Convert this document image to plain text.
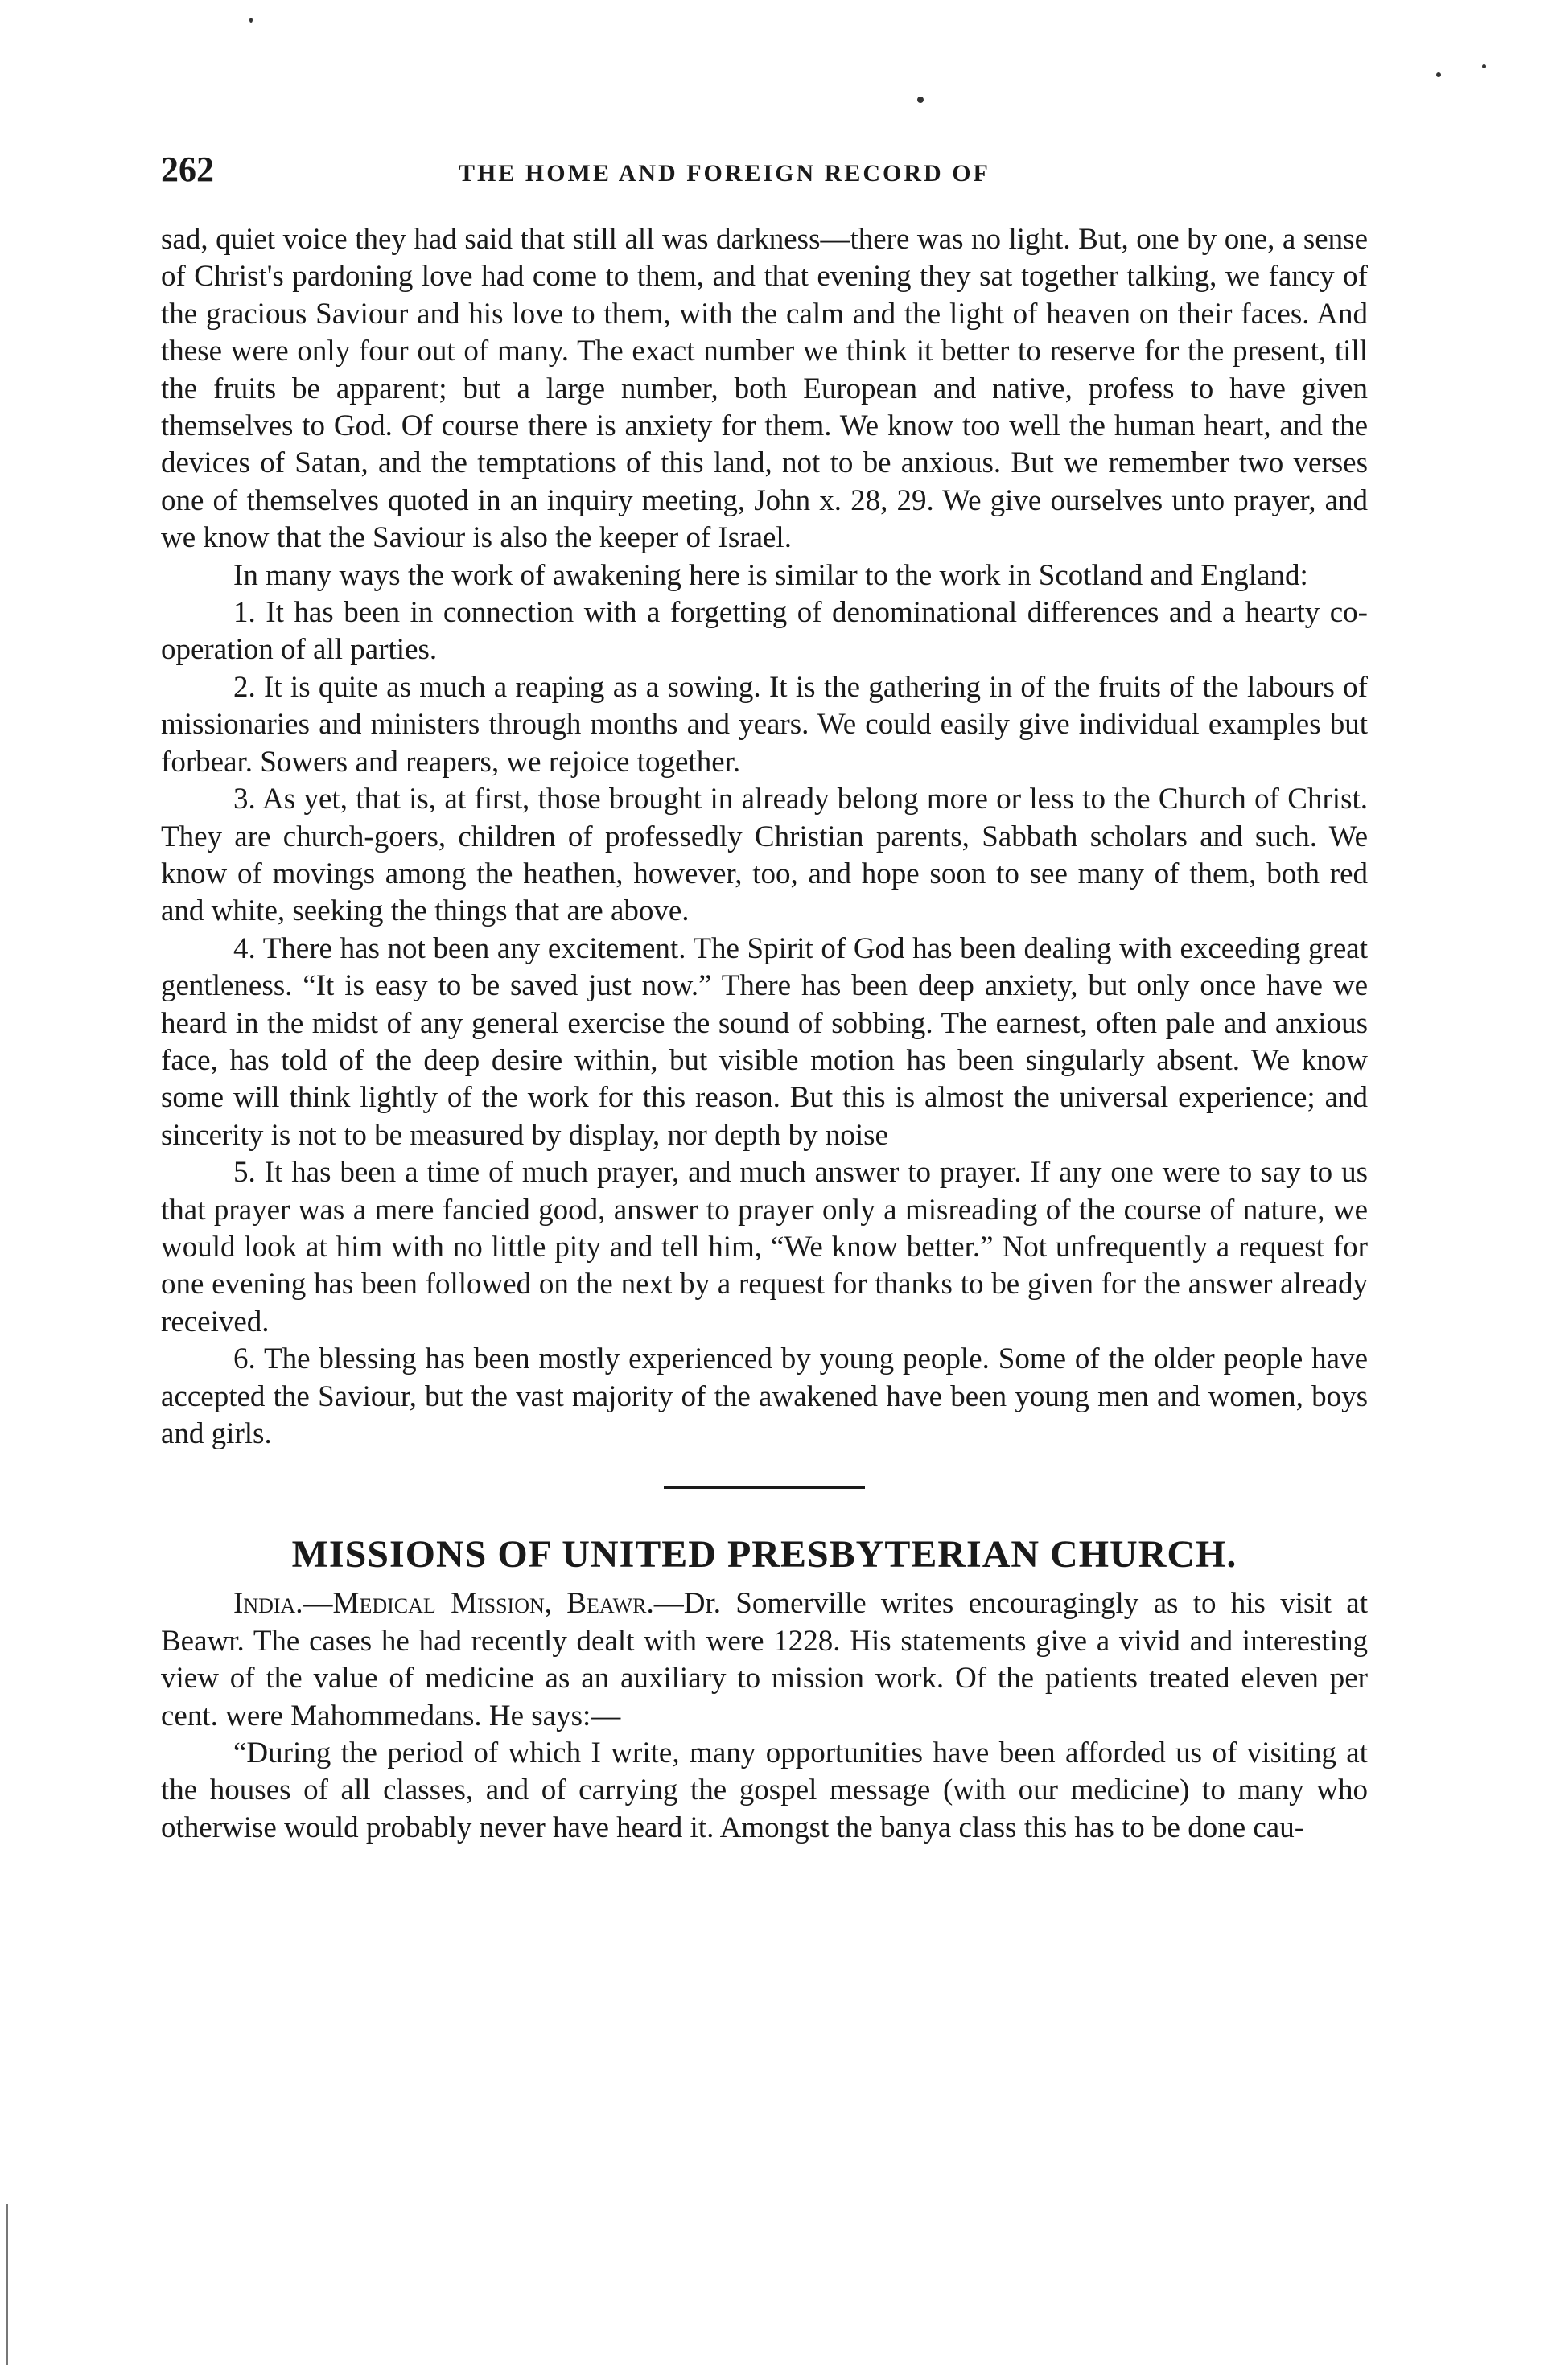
262	THE HOME AND FOREIGN RECORD OF

sad, quiet voice they had said that still all was darkness—there was no light. But, one by one, a sense of Christ's pardoning love had come to them, and that evening they sat together talking, we fancy of the gracious Saviour and his love to them, with the calm and the light of heaven on their faces. And these were only four out of many. The exact number we think it better to reserve for the present, till the fruits be apparent; but a large number, both European and native, profess to have given themselves to God. Of course there is anxiety for them. We know too well the human heart, and the devices of Satan, and the temptations of this land, not to be anxious. But we remember two verses one of themselves quoted in an inquiry meeting, John x. 28, 29. We give ourselves unto prayer, and we know that the Saviour is also the keeper of Israel.

In many ways the work of awakening here is similar to the work in Scotland and England:

1. It has been in connection with a forgetting of denominational differences and a hearty co-operation of all parties.

2. It is quite as much a reaping as a sowing. It is the gathering in of the fruits of the labours of missionaries and ministers through months and years. We could easily give individual examples but forbear. Sowers and reapers, we rejoice together.

3. As yet, that is, at first, those brought in already belong more or less to the Church of Christ. They are church-goers, children of professedly Christian parents, Sabbath scholars and such. We know of movings among the heathen, however, too, and hope soon to see many of them, both red and white, seeking the things that are above.

4. There has not been any excitement. The Spirit of God has been dealing with exceeding great gentleness. “It is easy to be saved just now.” There has been deep anxiety, but only once have we heard in the midst of any general exercise the sound of sobbing. The earnest, often pale and anxious face, has told of the deep desire within, but visible motion has been singularly absent. We know some will think lightly of the work for this reason. But this is almost the universal experience; and sincerity is not to be measured by display, nor depth by noise

5. It has been a time of much prayer, and much answer to prayer. If any one were to say to us that prayer was a mere fancied good, answer to prayer only a misreading of the course of nature, we would look at him with no little pity and tell him, “We know better.” Not unfrequently a request for one evening has been followed on the next by a request for thanks to be given for the answer already received.

6. The blessing has been mostly experienced by young people. Some of the older people have accepted the Saviour, but the vast majority of the awakened have been young men and women, boys and girls.

MISSIONS OF UNITED PRESBYTERIAN CHURCH.

India.—Medical Mission, Beawr.—Dr. Somerville writes encouragingly as to his visit at Beawr. The cases he had recently dealt with were 1228. His statements give a vivid and interesting view of the value of medicine as an auxiliary to mission work. Of the patients treated eleven per cent. were Mahommedans. He says:—

“During the period of which I write, many opportunities have been afforded us of visiting at the houses of all classes, and of carrying the gospel message (with our medicine) to many who otherwise would probably never have heard it. Amongst the banya class this has to be done cau-
